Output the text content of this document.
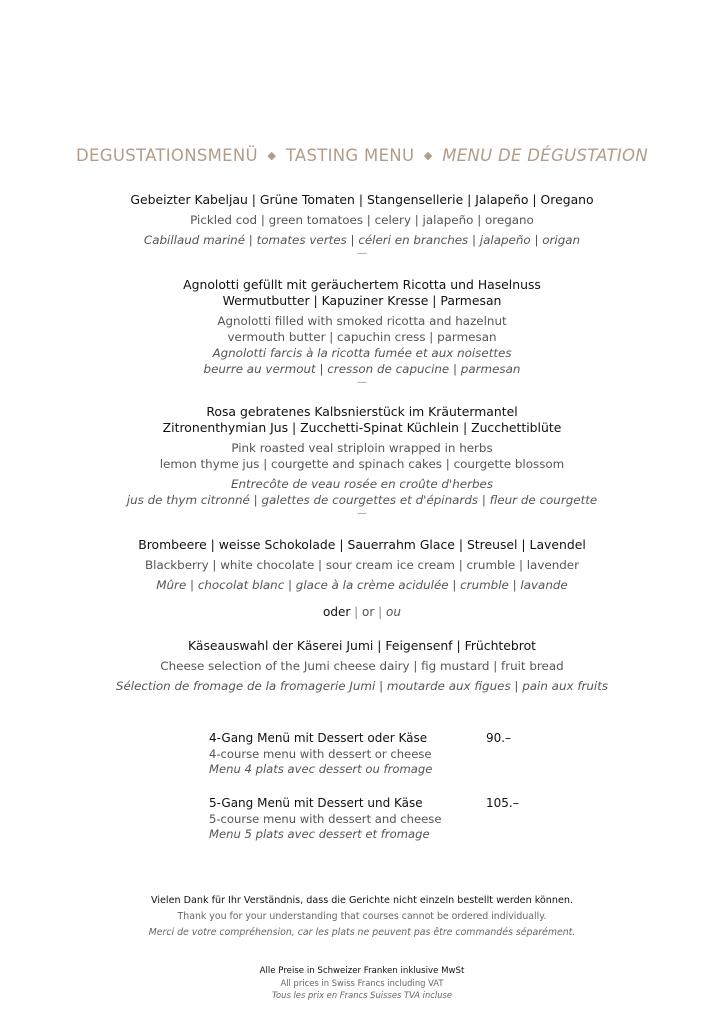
DEGUSTATIONSMENÜ ◆ TASTING MENU ◆ MENU DE DÉGUSTATION
Gebeizter Kabeljau | Grüne Tomaten | Stangensellerie | Jalapeño | Oregano
Pickled cod | green tomatoes | celery | jalapeño | oregano
Cabillaud mariné | tomates vertes | céleri en branches | jalapeño | origan
—
Agnolotti gefüllt mit geräuchertem Ricotta und Haselnuss
Wermutbutter | Kapuziner Kresse | Parmesan
Agnolotti filled with smoked ricotta and hazelnut
vermouth butter | capuchin cress | parmesan
Agnolotti farcis à la ricotta fumée et aux noisettes
beurre au vermout | cresson de capucine | parmesan
—
Rosa gebratenes Kalbsnierstück im Kräutermantel
Zitronenthymian Jus | Zucchetti-Spinat Küchlein | Zucchettiblüte
Pink roasted veal striploin wrapped in herbs
lemon thyme jus | courgette and spinach cakes | courgette blossom
Entrecôte de veau rosée en croûte d'herbes
jus de thym citronné | galettes de courgettes et d'épinards | fleur de courgette
—
Brombeere | weisse Schokolade | Sauerrahm Glace | Streusel | Lavendel
Blackberry | white chocolate | sour cream ice cream | crumble | lavender
Mûre | chocolat blanc | glace à la crème acidulée | crumble | lavande
oder | or | ou
Käseauswahl der Käserei Jumi | Feigensenf | Früchtebrot
Cheese selection of the Jumi cheese dairy | fig mustard | fruit bread
Sélection de fromage de la fromagerie Jumi | moutarde aux figues | pain aux fruits
4-Gang Menü mit Dessert oder Käse
4-course menu with dessert or cheese
Menu 4 plats avec dessert ou fromage
90.–
5-Gang Menü mit Dessert und Käse
5-course menu with dessert and cheese
Menu 5 plats avec dessert et fromage
105.–
Vielen Dank für Ihr Verständnis, dass die Gerichte nicht einzeln bestellt werden können.
Thank you for your understanding that courses cannot be ordered individually.
Merci de votre compréhension, car les plats ne peuvent pas être commandés séparément.
Alle Preise in Schweizer Franken inklusive MwSt
All prices in Swiss Francs including VAT
Tous les prix en Francs Suisses TVA incluse
